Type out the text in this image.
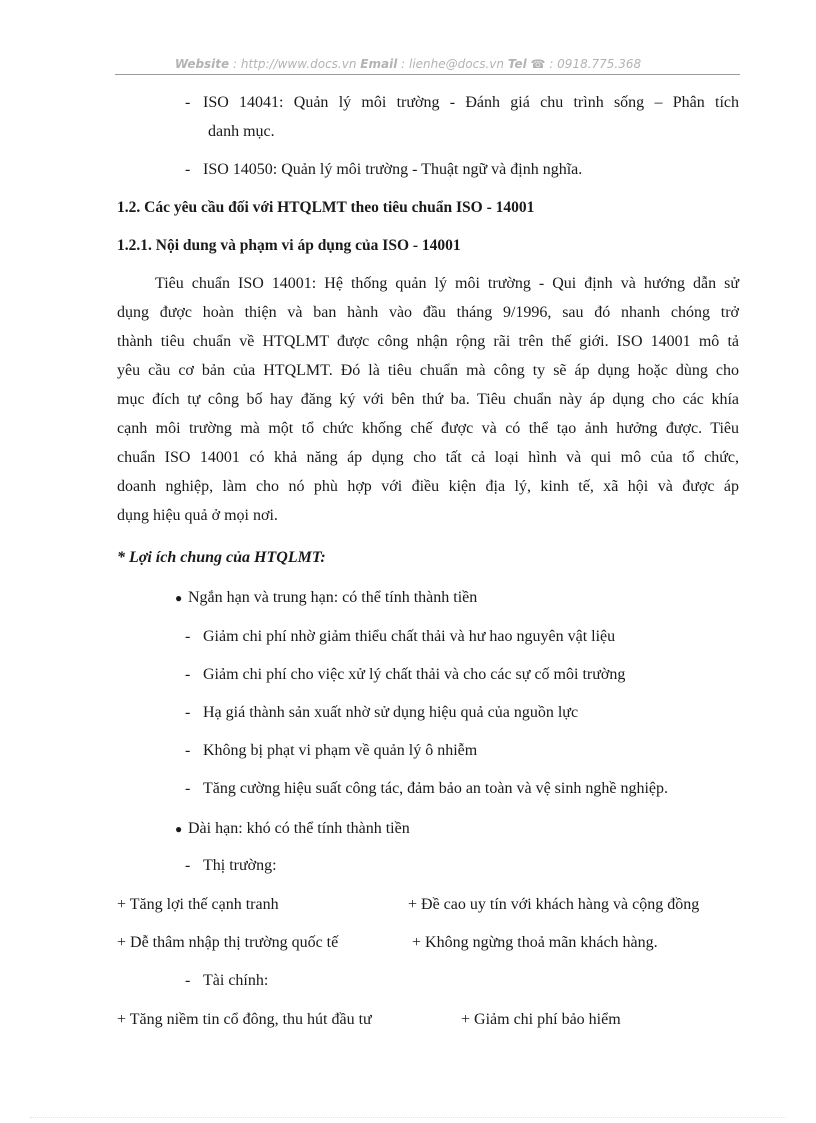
Website : http://www.docs.vn Email : lienhe@docs.vn Tel ☎ : 0918.775.368
- ISO 14041: Quản lý môi trường - Đánh giá chu trình sống – Phân tích
danh mục.
- ISO 14050: Quản lý môi trường - Thuật ngữ và định nghĩa.
1.2. Các yêu cầu đối với HTQLMT theo tiêu chuẩn ISO - 14001
1.2.1. Nội dung và phạm vi áp dụng của ISO - 14001
Tiêu chuẩn ISO 14001: Hệ thống quản lý môi trường - Qui định và hướng dẫn sử
dụng được hoàn thiện và ban hành vào đầu tháng 9/1996, sau đó nhanh chóng trở
thành tiêu chuẩn về HTQLMT được công nhận rộng rãi trên thế giới. ISO 14001 mô tả
yêu cầu cơ bản của HTQLMT. Đó là tiêu chuẩn mà công ty sẽ áp dụng hoặc dùng cho
mục đích tự công bố hay đăng ký với bên thứ ba. Tiêu chuẩn này áp dụng cho các khía
cạnh môi trường mà một tổ chức khống chế được và có thể tạo ảnh hưởng được. Tiêu
chuẩn ISO 14001 có khả năng áp dụng cho tất cả loại hình và qui mô của tổ chức,
doanh nghiệp, làm cho nó phù hợp với điều kiện địa lý, kinh tế, xã hội và được áp
dụng hiệu quả ở mọi nơi.
* Lợi ích chung của HTQLMT:
● Ngắn hạn và trung hạn: có thể tính thành tiền
- Giảm chi phí nhờ giảm thiểu chất thải và hư hao nguyên vật liệu
- Giảm chi phí cho việc xử lý chất thải và cho các sự cố môi trường
- Hạ giá thành sản xuất nhờ sử dụng hiệu quả của nguồn lực
- Không bị phạt vi phạm về quản lý ô nhiễm
- Tăng cường hiệu suất công tác, đảm bảo an toàn và vệ sinh nghề nghiệp.
● Dài hạn: khó có thể tính thành tiền
- Thị trường:
+ Tăng lợi thế cạnh tranh	+ Đề cao uy tín với khách hàng và cộng đồng
+ Dễ thâm nhập thị trường quốc tế	+ Không ngừng thoả mãn khách hàng.
- Tài chính:
+ Tăng niềm tin cổ đông, thu hút đầu tư	+ Giảm chi phí bảo hiểm
